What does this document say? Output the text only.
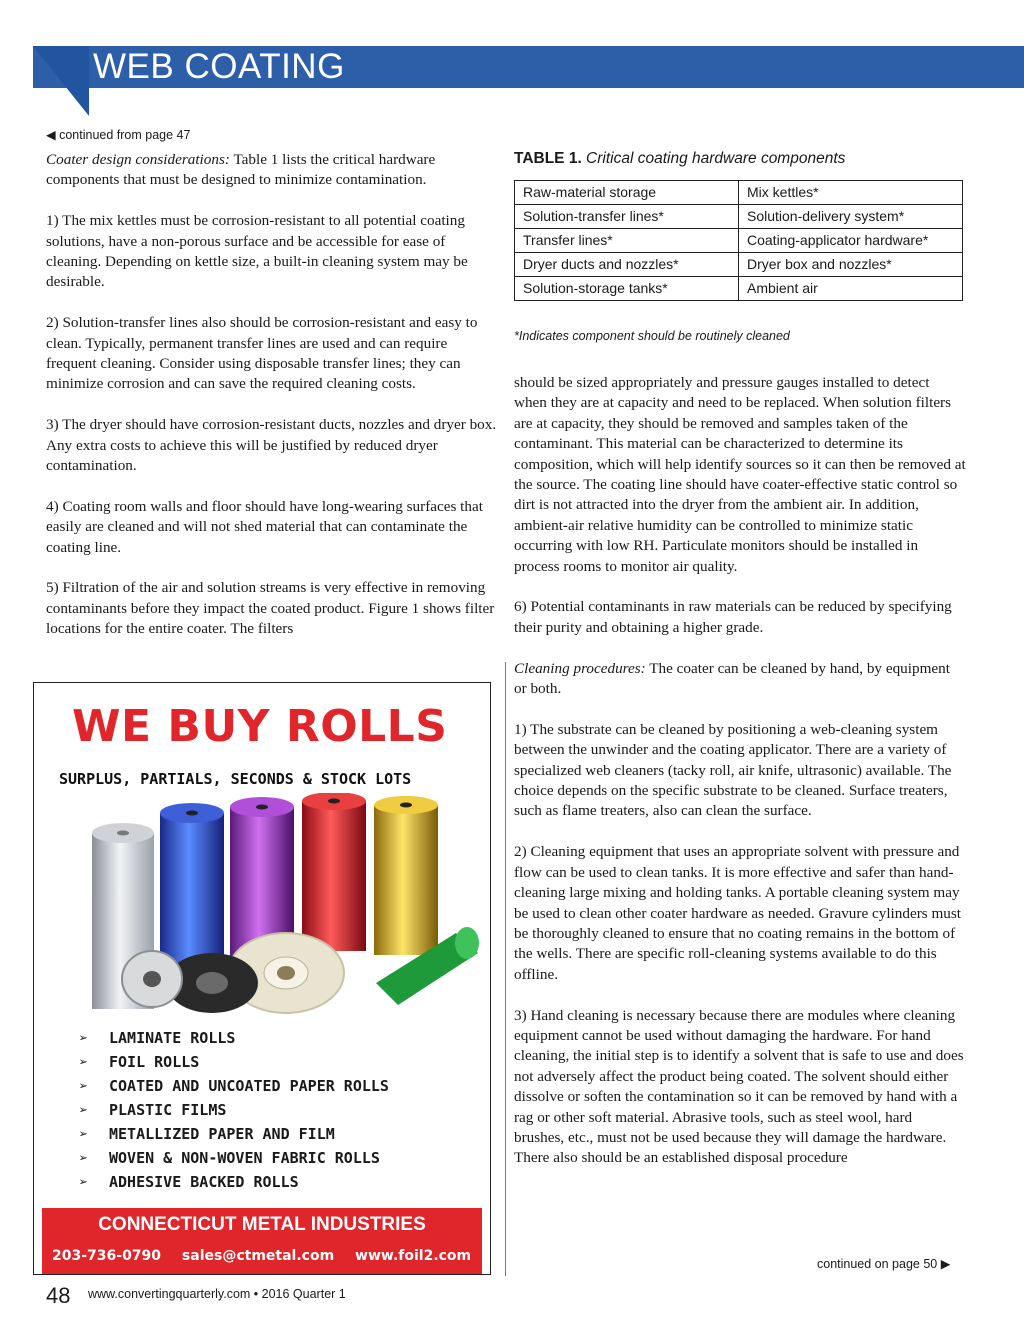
WEB COATING
◀ continued from page 47

Coater design considerations: Table 1 lists the critical hardware components that must be designed to minimize contamination.

1) The mix kettles must be corrosion-resistant to all potential coating solutions, have a non-porous surface and be accessible for ease of cleaning. Depending on kettle size, a built-in cleaning system may be desirable.

2) Solution-transfer lines also should be corrosion-resistant and easy to clean. Typically, permanent transfer lines are used and can require frequent cleaning. Consider using disposable transfer lines; they can minimize corrosion and can save the required cleaning costs.

3) The dryer should have corrosion-resistant ducts, nozzles and dryer box. Any extra costs to achieve this will be justified by reduced dryer contamination.

4) Coating room walls and floor should have long-wearing surfaces that easily are cleaned and will not shed material that can contaminate the coating line.

5) Filtration of the air and solution streams is very effective in removing contaminants before they impact the coated product. Figure 1 shows filter locations for the entire coater. The filters

TABLE 1. Critical coating hardware components
Raw-material storage	Mix kettles*
Solution-transfer lines*	Solution-delivery system*
Transfer lines*	Coating-applicator hardware*
Dryer ducts and nozzles*	Dryer box and nozzles*
Solution-storage tanks*	Ambient air
*Indicates component should be routinely cleaned

should be sized appropriately and pressure gauges installed to detect when they are at capacity and need to be replaced. When solution filters are at capacity, they should be removed and samples taken of the contaminant. This material can be characterized to determine its composition, which will help identify sources so it can then be removed at the source. The coating line should have coater-effective static control so dirt is not attracted into the dryer from the ambient air. In addition, ambient-air relative humidity can be controlled to minimize static occurring with low RH. Particulate monitors should be installed in process rooms to monitor air quality.

6) Potential contaminants in raw materials can be reduced by specifying their purity and obtaining a higher grade.

Cleaning procedures: The coater can be cleaned by hand, by equipment or both.

1) The substrate can be cleaned by positioning a web-cleaning system between the unwinder and the coating applicator. There are a variety of specialized web cleaners (tacky roll, air knife, ultrasonic) available. The choice depends on the specific substrate to be cleaned. Surface treaters, such as flame treaters, also can clean the surface.

2) Cleaning equipment that uses an appropriate solvent with pressure and flow can be used to clean tanks. It is more effective and safer than hand-cleaning large mixing and holding tanks. A portable cleaning system may be used to clean other coater hardware as needed. Gravure cylinders must be thoroughly cleaned to ensure that no coating remains in the bottom of the wells. There are specific roll-cleaning systems available to do this offline.

3) Hand cleaning is necessary because there are modules where cleaning equipment cannot be used without damaging the hardware. For hand cleaning, the initial step is to identify a solvent that is safe to use and does not adversely affect the product being coated. The solvent should either dissolve or soften the contamination so it can be removed by hand with a rag or other soft material. Abrasive tools, such as steel wool, hard brushes, etc., must not be used because they will damage the hardware. There also should be an established disposal procedure

WE BUY ROLLS
SURPLUS, PARTIALS, SECONDS & STOCK LOTS
➢ LAMINATE ROLLS
➢ FOIL ROLLS
➢ COATED AND UNCOATED PAPER ROLLS
➢ PLASTIC FILMS
➢ METALLIZED PAPER AND FILM
➢ WOVEN & NON-WOVEN FABRIC ROLLS
➢ ADHESIVE BACKED ROLLS
CONNECTICUT METAL INDUSTRIES
203-736-0790 sales@ctmetal.com www.foil2.com	continued on page 50 ▶
48 www.convertingquarterly.com • 2016 Quarter 1
